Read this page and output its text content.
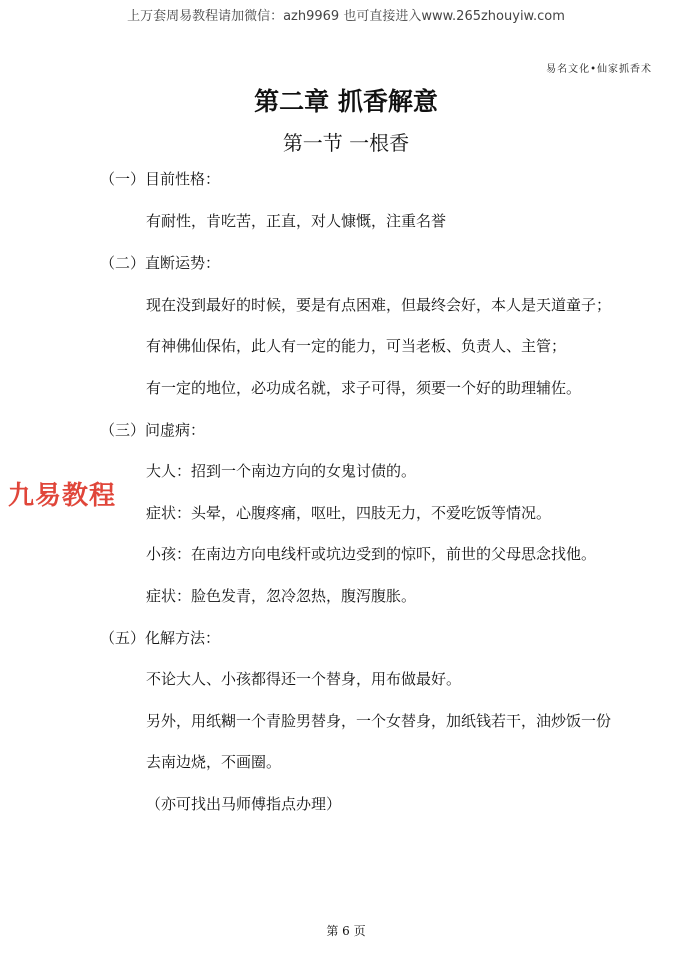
上万套周易教程请加微信：azh9969 也可直接进入www.265zhouyiw.com
易名文化•仙家抓香术
第二章 抓香解意
第一节 一根香
（一）目前性格：
有耐性，肯吃苦，正直，对人慷慨，注重名誉
（二）直断运势：
现在没到最好的时候，要是有点困难，但最终会好，本人是天道童子；
有神佛仙保佑，此人有一定的能力，可当老板、负责人、主管；
有一定的地位，必功成名就，求子可得，须要一个好的助理辅佐。
（三）问虚病：
大人：招到一个南边方向的女鬼讨债的。
症状：头晕，心腹疼痛，呕吐，四肢无力，不爱吃饭等情况。
小孩：在南边方向电线杆或坑边受到的惊吓，前世的父母思念找他。
症状：脸色发青，忽冷忽热，腹泻腹胀。
（五）化解方法：
不论大人、小孩都得还一个替身，用布做最好。
另外，用纸糊一个青脸男替身，一个女替身，加纸钱若干，油炒饭一份
去南边烧，不画圈。
（亦可找出马师傅指点办理）
九易教程
第 6 页
